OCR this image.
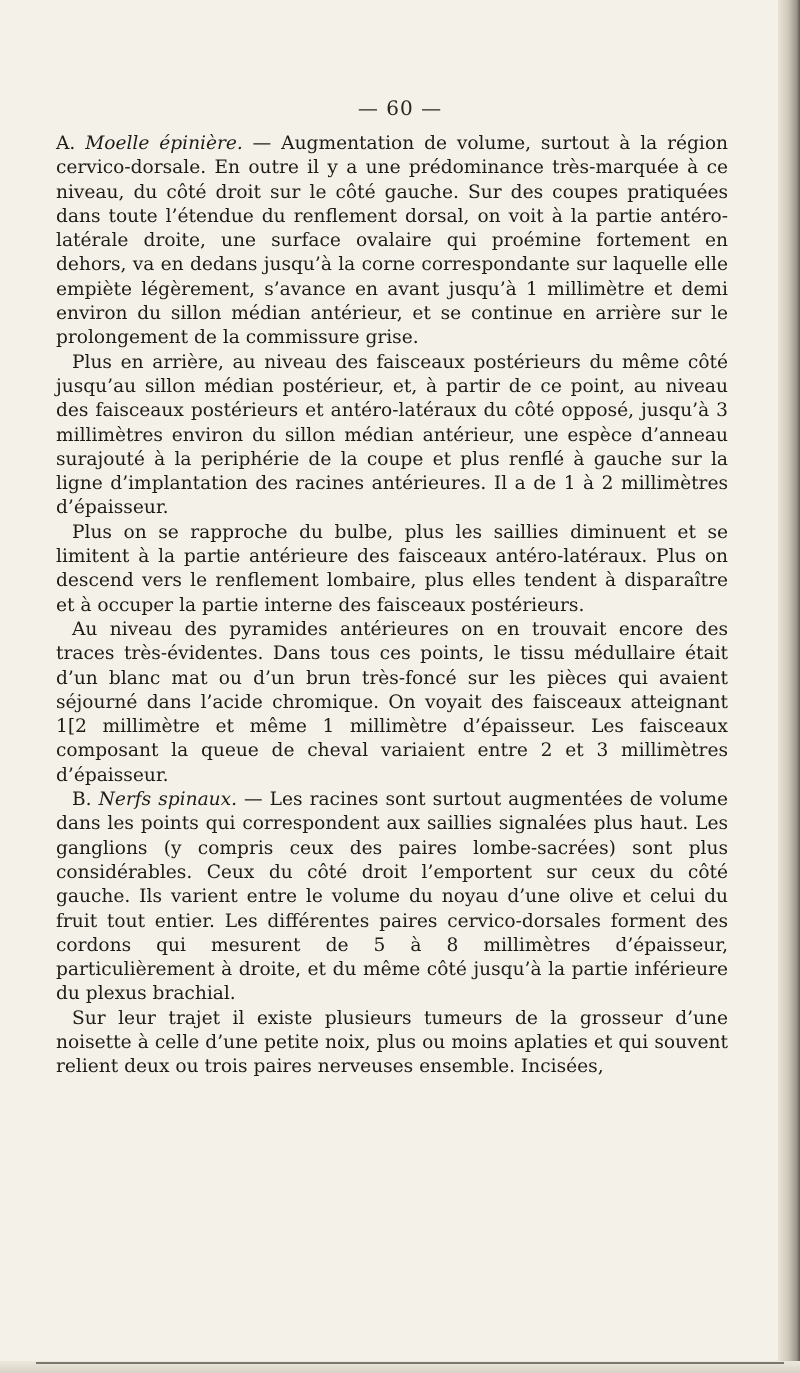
— 60 —

A. Moelle épinière. — Augmentation de volume, surtout à la région cervico-dorsale. En outre il y a une prédominance très-marquée à ce niveau, du côté droit sur le côté gauche. Sur des coupes pratiquées dans toute l’étendue du renflement dorsal, on voit à la partie antéro-latérale droite, une surface ovalaire qui proémine fortement en dehors, va en dedans jusqu’à la corne correspondante sur laquelle elle empiète légèrement, s’avance en avant jusqu’à 1 millimètre et demi environ du sillon médian antérieur, et se continue en arrière sur le prolongement de la commissure grise.

Plus en arrière, au niveau des faisceaux postérieurs du même côté jusqu’au sillon médian postérieur, et, à partir de ce point, au niveau des faisceaux postérieurs et antéro-latéraux du côté opposé, jusqu’à 3 millimètres environ du sillon médian antérieur, une espèce d’anneau surajouté à la periphérie de la coupe et plus renflé à gauche sur la ligne d’implantation des racines antérieures. Il a de 1 à 2 millimètres d’épaisseur.

Plus on se rapproche du bulbe, plus les saillies diminuent et se limitent à la partie antérieure des faisceaux antéro-latéraux. Plus on descend vers le renflement lombaire, plus elles tendent à disparaître et à occuper la partie interne des faisceaux postérieurs.

Au niveau des pyramides antérieures on en trouvait encore des traces très-évidentes. Dans tous ces points, le tissu médullaire était d’un blanc mat ou d’un brun très-foncé sur les pièces qui avaient séjourné dans l’acide chromique. On voyait des faisceaux atteignant 1[2 millimètre et même 1 millimètre d’épaisseur. Les faisceaux composant la queue de cheval variaient entre 2 et 3 millimètres d’épaisseur.

B. Nerfs spinaux. — Les racines sont surtout augmentées de volume dans les points qui correspondent aux saillies signalées plus haut. Les ganglions (y compris ceux des paires lombe-sacrées) sont plus considérables. Ceux du côté droit l’emportent sur ceux du côté gauche. Ils varient entre le volume du noyau d’une olive et celui du fruit tout entier. Les différentes paires cervico-dorsales forment des cordons qui mesurent de 5 à 8 millimètres d’épaisseur, particulièrement à droite, et du même côté jusqu’à la partie inférieure du plexus brachial.

Sur leur trajet il existe plusieurs tumeurs de la grosseur d’une noisette à celle d’une petite noix, plus ou moins aplaties et qui souvent relient deux ou trois paires nerveuses ensemble. Incisées,
